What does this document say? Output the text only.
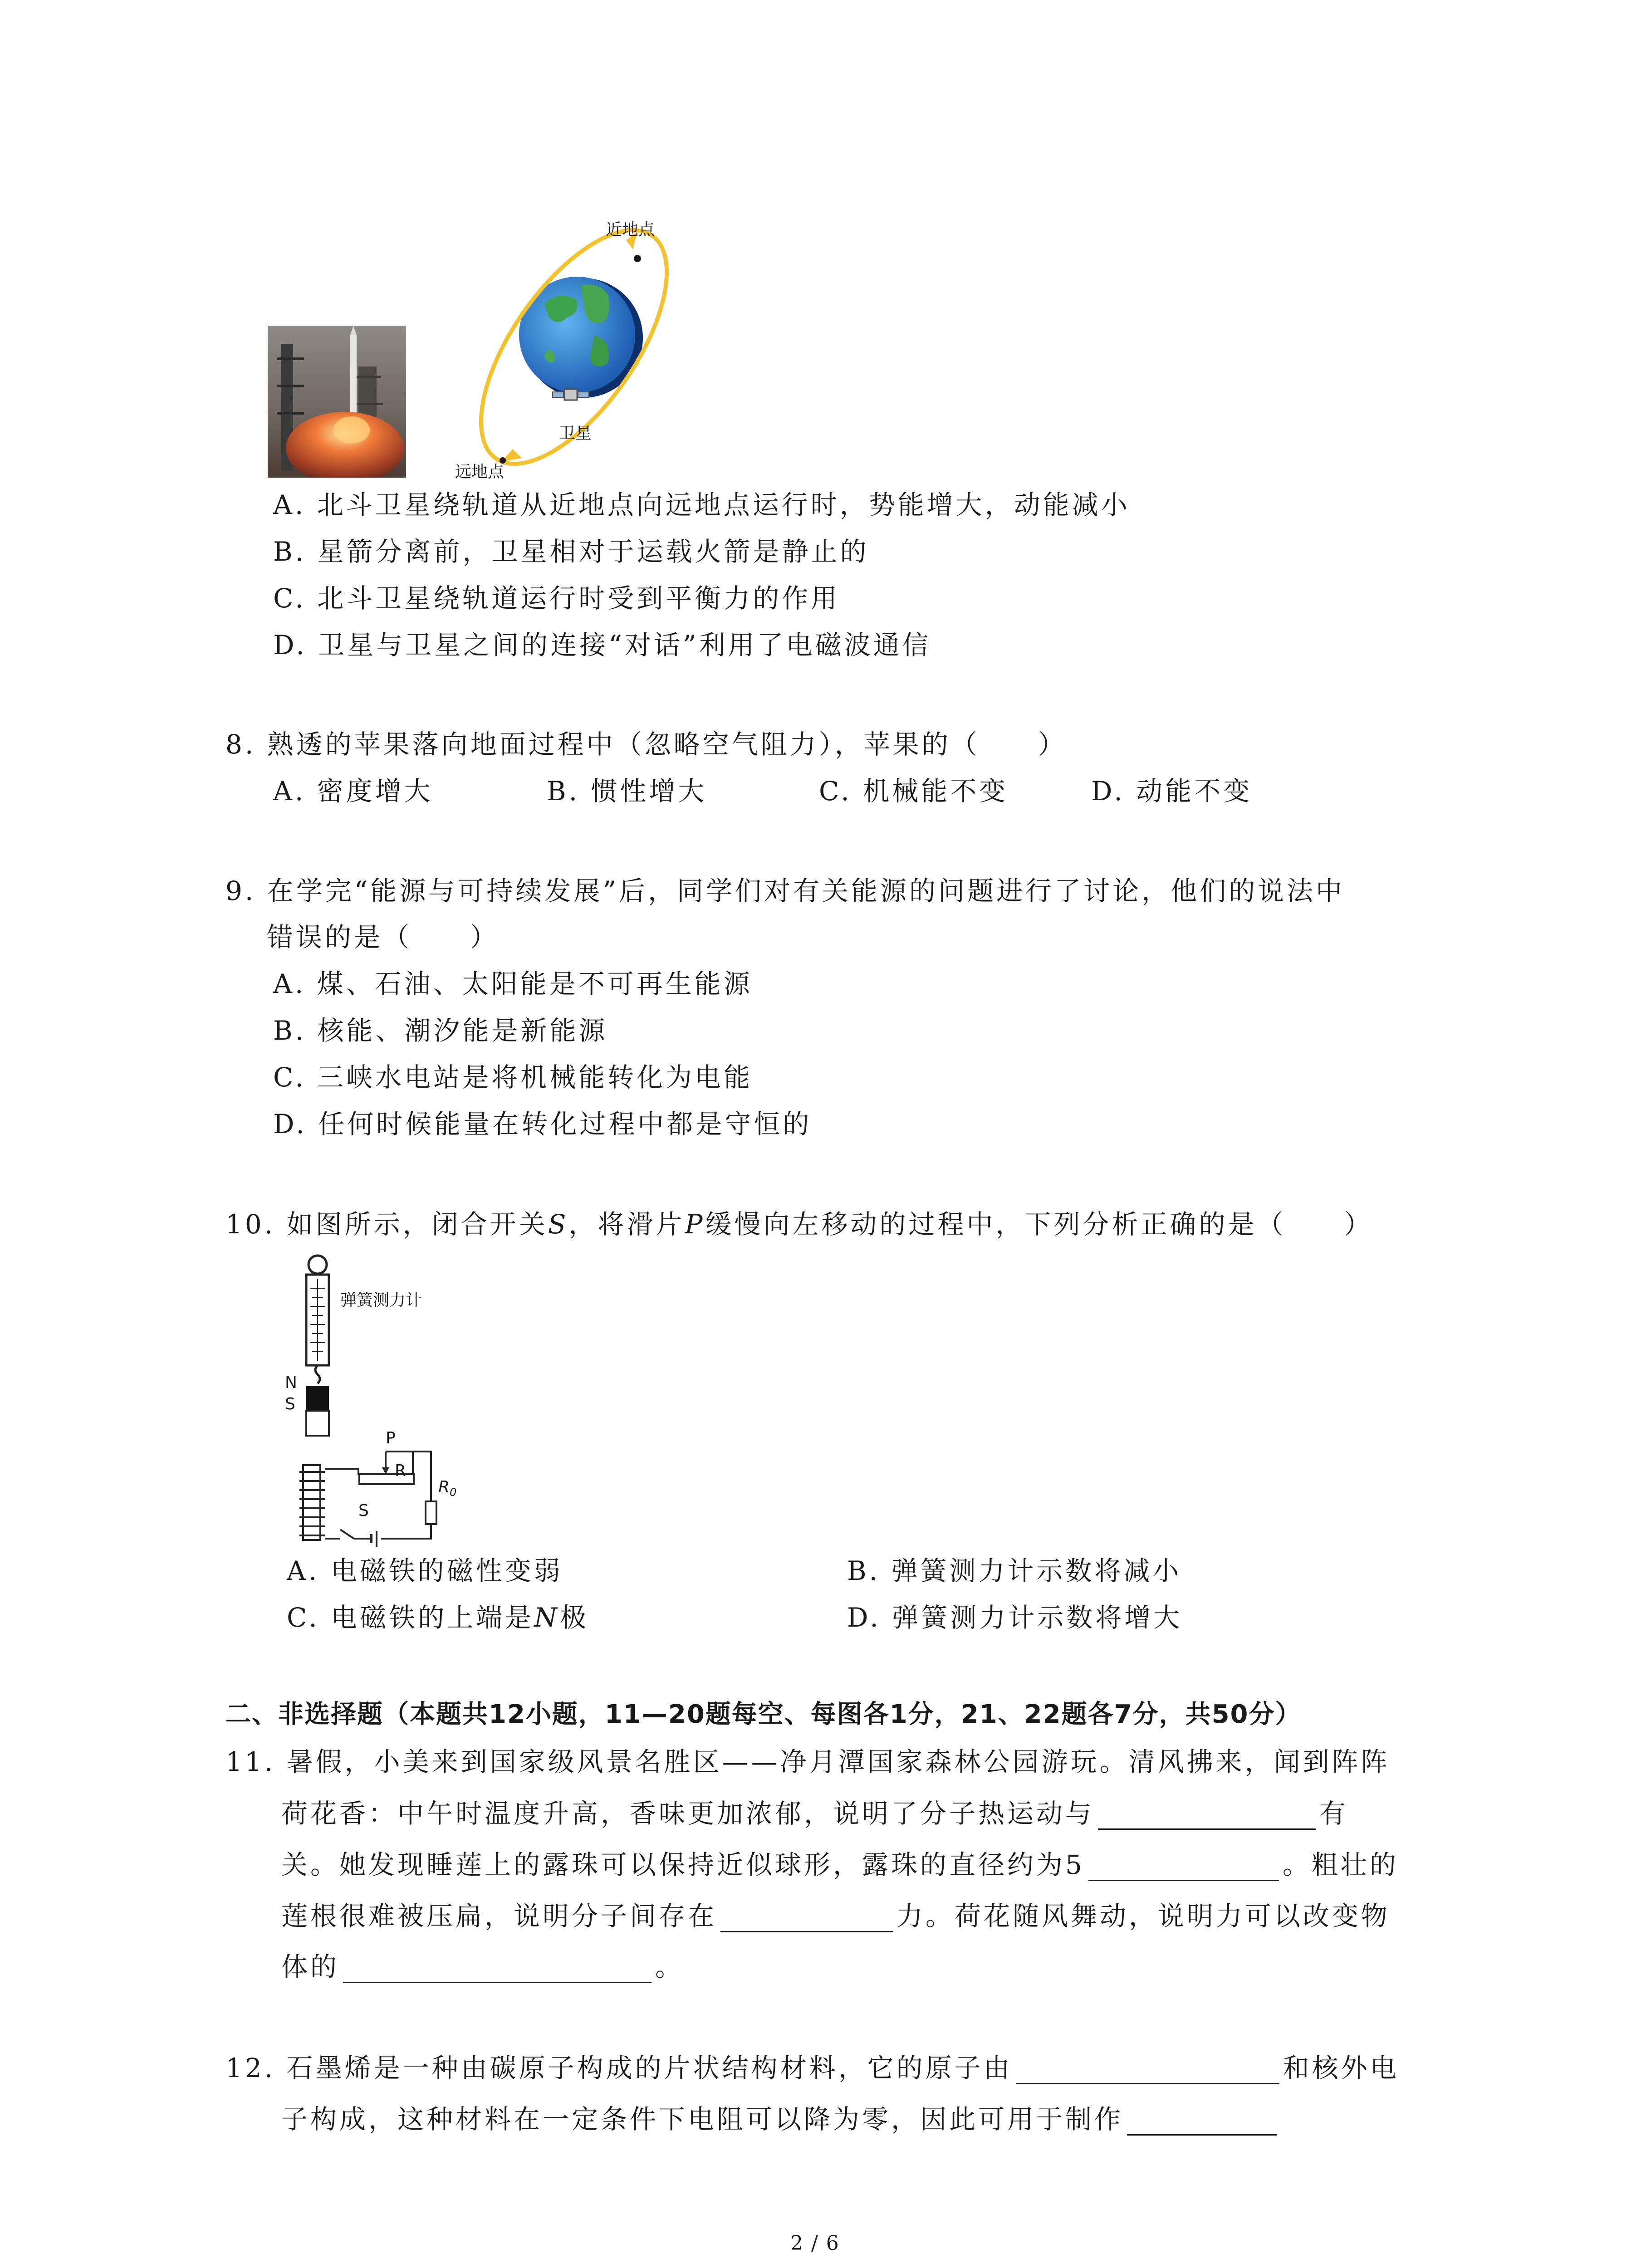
近地点
远地点
卫星
A. 北斗卫星绕轨道从近地点向远地点运行时，势能增大，动能减小
B. 星箭分离前，卫星相对于运载火箭是静止的
C. 北斗卫星绕轨道运行时受到平衡力的作用
D. 卫星与卫星之间的连接“对话”利用了电磁波通信
8. 熟透的苹果落向地面过程中（忽略空气阻力），苹果的（　　）
A. 密度增大	B. 惯性增大	C. 机械能不变	D. 动能不变
9. 在学完“能源与可持续发展”后，同学们对有关能源的问题进行了讨论，他们的说法中
错误的是（　　）
A. 煤、石油、太阳能是不可再生能源
B. 核能、潮汐能是新能源
C. 三峡水电站是将机械能转化为电能
D. 任何时候能量在转化过程中都是守恒的
10. 如图所示，闭合开关S，将滑片P缓慢向左移动的过程中，下列分析正确的是（　　）
弹簧测力计
N
S
P
R
S
$R_0$
A. 电磁铁的磁性变弱	B. 弹簧测力计示数将减小
C. 电磁铁的上端是N极	D. 弹簧测力计示数将增大
二、非选择题（本题共12小题，11—20题每空、每图各1分，21、22题各7分，共50分）
11. 暑假，小美来到国家级风景名胜区——净月潭国家森林公园游玩。清风拂来，闻到阵阵
荷花香：中午时温度升高，香味更加浓郁，说明了分子热运动与	有
关。她发现睡莲上的露珠可以保持近似球形，露珠的直径约为5	。粗壮的
莲根很难被压扁，说明分子间存在	力。荷花随风舞动，说明力可以改变物
体的	。
12. 石墨烯是一种由碳原子构成的片状结构材料，它的原子由	和核外电
子构成，这种材料在一定条件下电阻可以降为零，因此可用于制作
2 / 6
